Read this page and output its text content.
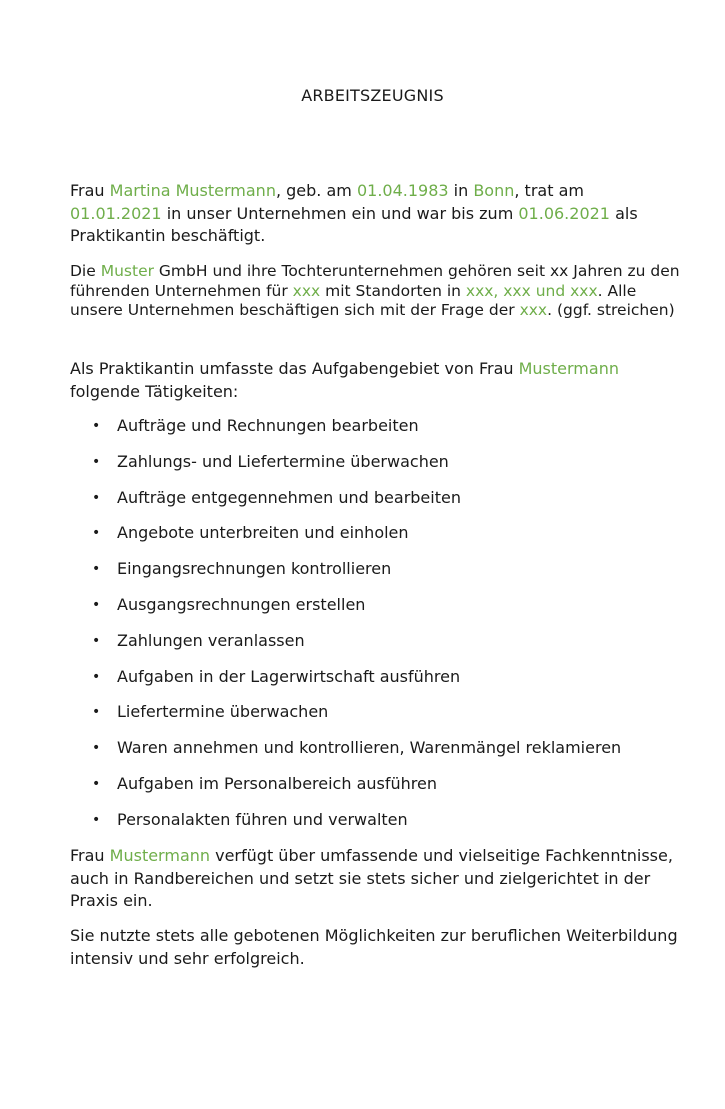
ARBEITSZEUGNIS
Frau Martina Mustermann, geb. am 01.04.1983 in Bonn, trat am 01.01.2021 in unser Unternehmen ein und war bis zum 01.06.2021 als Praktikantin beschäftigt.
Die Muster GmbH und ihre Tochterunternehmen gehören seit xx Jahren zu den führenden Unternehmen für xxx mit Standorten in xxx, xxx und xxx. Alle unsere Unternehmen beschäftigen sich mit der Frage der xxx. (ggf. streichen)
Als Praktikantin umfasste das Aufgabengebiet von Frau Mustermann folgende Tätigkeiten:
• Aufträge und Rechnungen bearbeiten
• Zahlungs- und Liefertermine überwachen
• Aufträge entgegennehmen und bearbeiten
• Angebote unterbreiten und einholen
• Eingangsrechnungen kontrollieren
• Ausgangsrechnungen erstellen
• Zahlungen veranlassen
• Aufgaben in der Lagerwirtschaft ausführen
• Liefertermine überwachen
• Waren annehmen und kontrollieren, Warenmängel reklamieren
• Aufgaben im Personalbereich ausführen
• Personalakten führen und verwalten
Frau Mustermann verfügt über umfassende und vielseitige Fachkenntnisse, auch in Randbereichen und setzt sie stets sicher und zielgerichtet in der Praxis ein.
Sie nutzte stets alle gebotenen Möglichkeiten zur beruflichen Weiterbildung intensiv und sehr erfolgreich.
